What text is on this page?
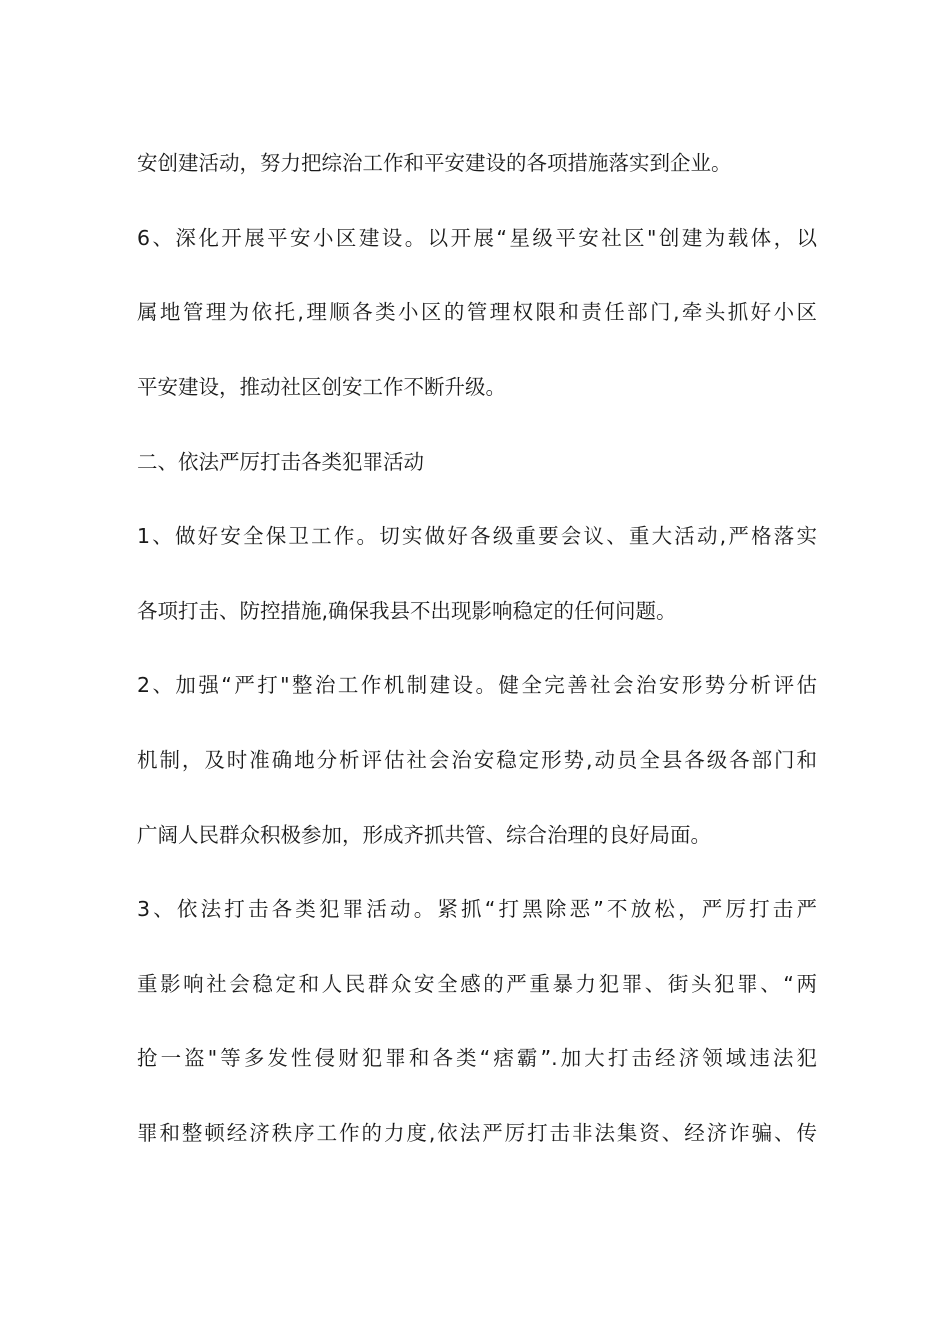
安创建活动，努力把综治工作和平安建设的各项措施落实到企业。
6、深化开展平安小区建设。以开展“星级平安社区"创建为载体，以
属地管理为依托,理顺各类小区的管理权限和责任部门,牵头抓好小区
平安建设，推动社区创安工作不断升级。
二、依法严厉打击各类犯罪活动
1、做好安全保卫工作。切实做好各级重要会议、重大活动,严格落实
各项打击、防控措施,确保我县不出现影响稳定的任何问题。
2、加强“严打"整治工作机制建设。健全完善社会治安形势分析评估
机制，及时准确地分析评估社会治安稳定形势,动员全县各级各部门和
广阔人民群众积极参加，形成齐抓共管、综合治理的良好局面。
3、依法打击各类犯罪活动。紧抓“打黑除恶”不放松，严厉打击严
重影响社会稳定和人民群众安全感的严重暴力犯罪、街头犯罪、“两
抢一盗"等多发性侵财犯罪和各类“痞霸”.加大打击经济领域违法犯
罪和整顿经济秩序工作的力度,依法严厉打击非法集资、经济诈骗、传
